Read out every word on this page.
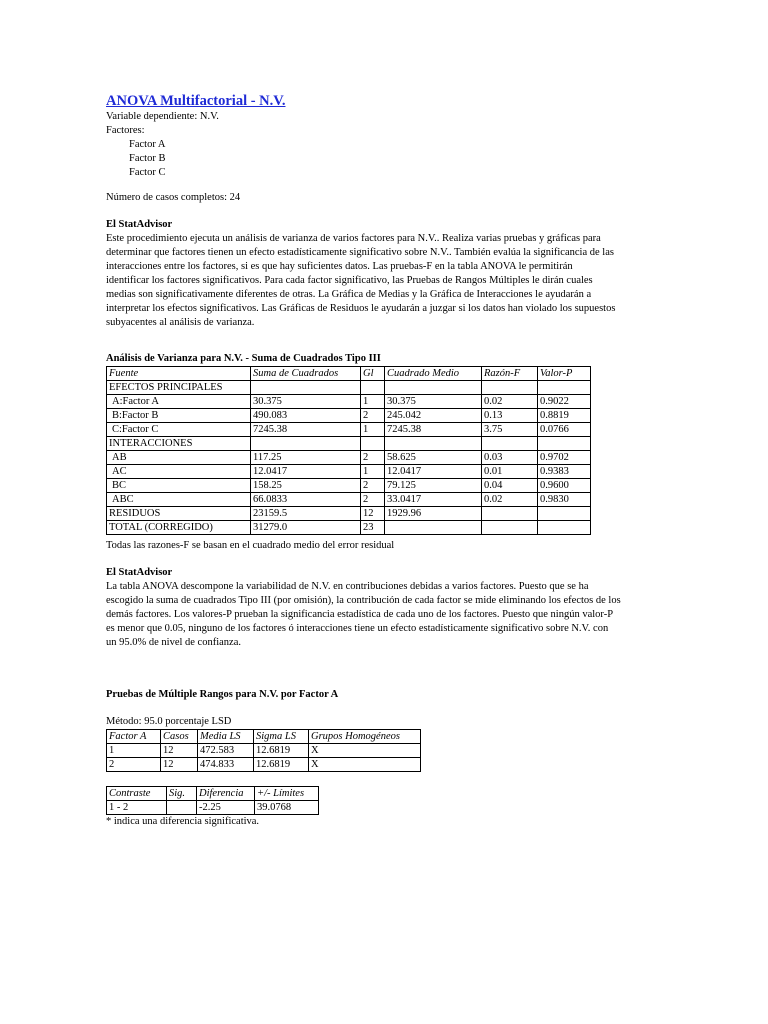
ANOVA Multifactorial - N.V.

Variable dependiente: N.V.

Factores:

Factor A

Factor B

Factor C

Número de casos completos: 24

El StatAdvisor

Este procedimiento ejecuta un análisis de varianza de varios factores para N.V.. Realiza varias pruebas y gráficas para

determinar que factores tienen un efecto estadísticamente significativo sobre N.V.. También evalúa la significancia de las

interacciones entre los factores, si es que hay suficientes datos. Las pruebas-F en la tabla ANOVA le permitirán

identificar los factores significativos. Para cada factor significativo, las Pruebas de Rangos Múltiples le dirán cuales

medias son significativamente diferentes de otras. La Gráfica de Medias y la Gráfica de Interacciones le ayudarán a

interpretar los efectos significativos. Las Gráficas de Residuos le ayudarán a juzgar si los datos han violado los supuestos

subyacentes al análisis de varianza.

Análisis de Varianza para N.V. - Suma de Cuadrados Tipo III

Fuente	Suma de Cuadrados	Gl	Cuadrado Medio	Razón-F	Valor-P
EFECTOS PRINCIPALES					
A:Factor A	30.375	1	30.375	0.02	0.9022
B:Factor B	490.083	2	245.042	0.13	0.8819
C:Factor C	7245.38	1	7245.38	3.75	0.0766
INTERACCIONES					
AB	117.25	2	58.625	0.03	0.9702
AC	12.0417	1	12.0417	0.01	0.9383
BC	158.25	2	79.125	0.04	0.9600
ABC	66.0833	2	33.0417	0.02	0.9830
RESIDUOS	23159.5	12	1929.96		
TOTAL (CORREGIDO)	31279.0	23			

Todas las razones-F se basan en el cuadrado medio del error residual

El StatAdvisor

La tabla ANOVA descompone la variabilidad de N.V. en contribuciones debidas a varios factores. Puesto que se ha

escogido la suma de cuadrados Tipo III (por omisión), la contribución de cada factor se mide eliminando los efectos de los

demás factores. Los valores-P prueban la significancia estadística de cada uno de los factores. Puesto que ningún valor-P

es menor que 0.05, ninguno de los factores ó interacciones tiene un efecto estadísticamente significativo sobre N.V. con

un 95.0% de nivel de confianza.

Pruebas de Múltiple Rangos para N.V. por Factor A

Método: 95.0 porcentaje LSD

Factor A	Casos	Media LS	Sigma LS	Grupos Homogéneos
1	12	472.583	12.6819	X
2	12	474.833	12.6819	X
Contraste	Sig.	Diferencia	+/- Límites
1 - 2		-2.25	39.0768

* indica una diferencia significativa.
